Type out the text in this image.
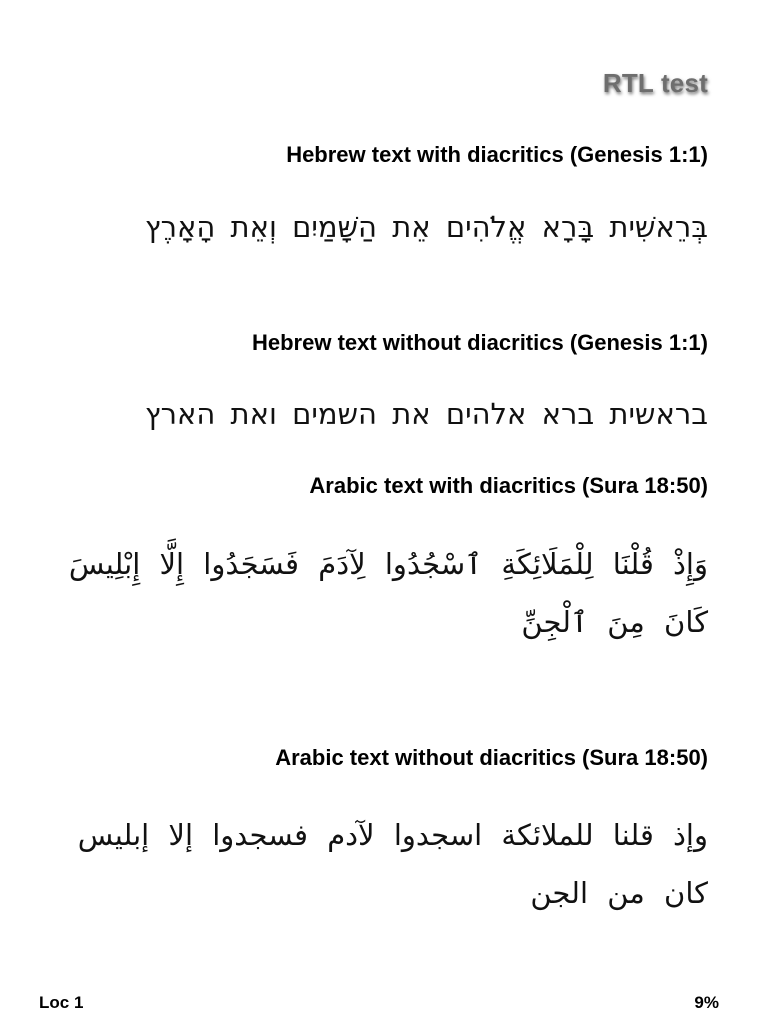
RTL test
Hebrew text with diacritics (Genesis 1:1)
בְּרֵאשִׁית בָּרָא אֱלֹהִים אֵת הַשָּׁמַיִם וְאֵת הָאָרֶץ
Hebrew text without diacritics (Genesis 1:1)
בראשית ברא אלהים את השמים ואת הארץ
Arabic text with diacritics (Sura 18:50)
وَإِذْ قُلْنَا لِلْمَلَائِكَةِ ٱسْجُدُوا لِآدَمَ فَسَجَدُوا إِلَّا إِبْلِيسَ كَانَ مِنَ ٱلْجِنِّ
Arabic text without diacritics (Sura 18:50)
وإذ قلنا للملائكة اسجدوا لآدم فسجدوا إلا إبليس كان من الجن
Loc 1	9%
